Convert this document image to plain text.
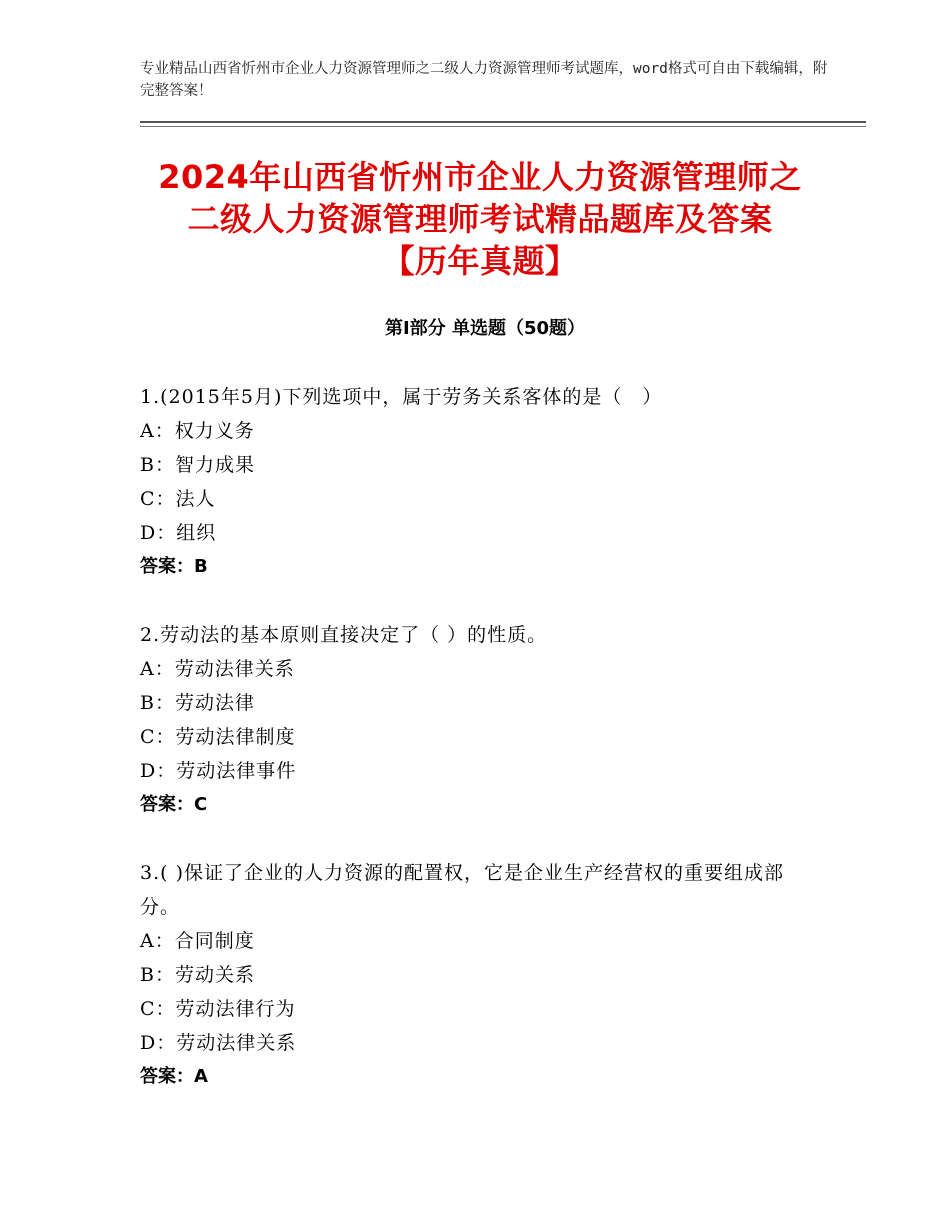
专业精品山西省忻州市企业人力资源管理师之二级人力资源管理师考试题库，word格式可自由下载编辑，附完整答案！
2024年山西省忻州市企业人力资源管理师之
二级人力资源管理师考试精品题库及答案
【历年真题】
第Ⅰ部分 单选题（50题）
1.(2015年5月)下列选项中，属于劳务关系客体的是（　）
A：权力义务
B：智力成果
C：法人
D：组织
答案：B
2.劳动法的基本原则直接决定了（ ）的性质。
A：劳动法律关系
B：劳动法律
C：劳动法律制度
D：劳动法律事件
答案：C
3.( )保证了企业的人力资源的配置权，它是企业生产经营权的重要组成部分。
A：合同制度
B：劳动关系
C：劳动法律行为
D：劳动法律关系
答案：A
